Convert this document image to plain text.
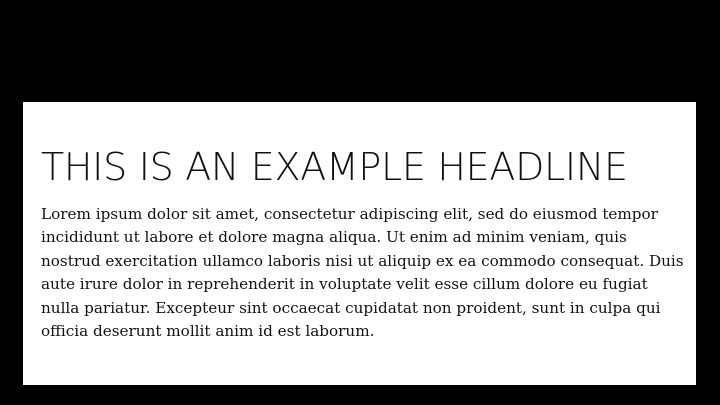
THIS IS AN EXAMPLE HEADLINE

Lorem ipsum dolor sit amet, consectetur adipiscing elit, sed do eiusmod tempor incididunt ut labore et dolore magna aliqua. Ut enim ad minim veniam, quis nostrud exercitation ullamco laboris nisi ut aliquip ex ea commodo consequat. Duis aute irure dolor in reprehenderit in voluptate velit esse cillum dolore eu fugiat nulla pariatur. Excepteur sint occaecat cupidatat non proident, sunt in culpa qui officia deserunt mollit anim id est laborum.
